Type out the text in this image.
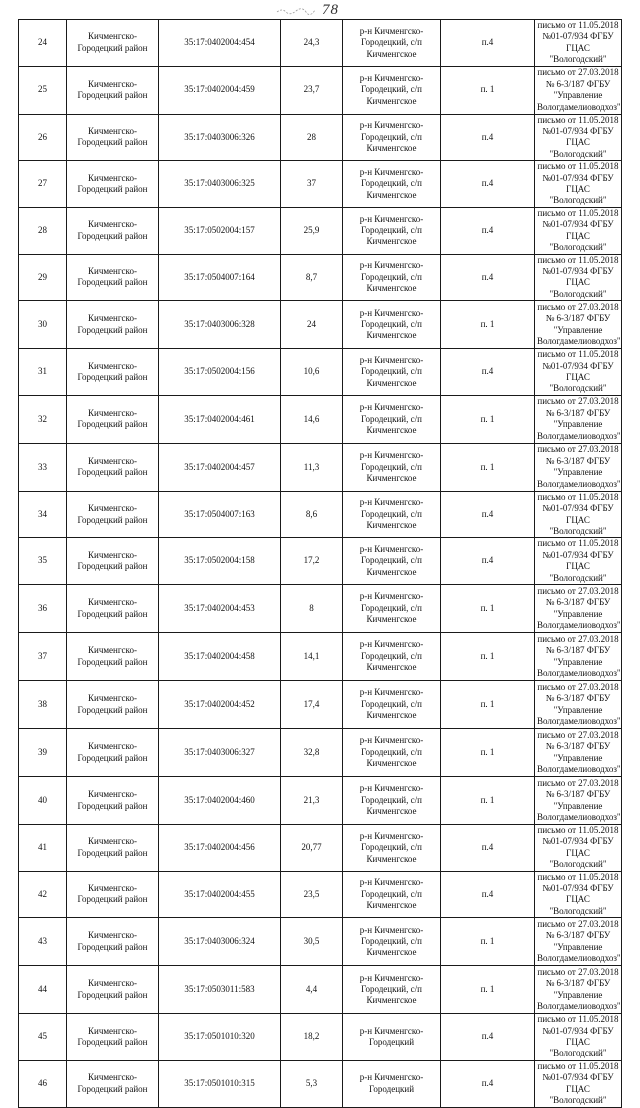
78
24	Кичменгско-Городецкий район	35:17:0402004:454	24,3	р-н Кичменгско-Городецкий, с/п Кичменгское	п.4	письмо от 11.05.2018 №01-07/934 ФГБУ ГЦАС "Вологодский"
25	Кичменгско-Городецкий район	35:17:0402004:459	23,7	р-н Кичменгско-Городецкий, с/п Кичменгское	п. 1	письмо от 27.03.2018 № 6-3/187 ФГБУ "Управление Вологдамелиоводхоз"
26	Кичменгско-Городецкий район	35:17:0403006:326	28	р-н Кичменгско-Городецкий, с/п Кичменгское	п.4	письмо от 11.05.2018 №01-07/934 ФГБУ ГЦАС "Вологодский"
27	Кичменгско-Городецкий район	35:17:0403006:325	37	р-н Кичменгско-Городецкий, с/п Кичменгское	п.4	письмо от 11.05.2018 №01-07/934 ФГБУ ГЦАС "Вологодский"
28	Кичменгско-Городецкий район	35:17:0502004:157	25,9	р-н Кичменгско-Городецкий, с/п Кичменгское	п.4	письмо от 11.05.2018 №01-07/934 ФГБУ ГЦАС "Вологодский"
29	Кичменгско-Городецкий район	35:17:0504007:164	8,7	р-н Кичменгско-Городецкий, с/п Кичменгское	п.4	письмо от 11.05.2018 №01-07/934 ФГБУ ГЦАС "Вологодский"
30	Кичменгско-Городецкий район	35:17:0403006:328	24	р-н Кичменгско-Городецкий, с/п Кичменгское	п. 1	письмо от 27.03.2018 № 6-3/187 ФГБУ "Управление Вологдамелиоводхоз"
31	Кичменгско-Городецкий район	35:17:0502004:156	10,6	р-н Кичменгско-Городецкий, с/п Кичменгское	п.4	письмо от 11.05.2018 №01-07/934 ФГБУ ГЦАС "Вологодский"
32	Кичменгско-Городецкий район	35:17:0402004:461	14,6	р-н Кичменгско-Городецкий, с/п Кичменгское	п. 1	письмо от 27.03.2018 № 6-3/187 ФГБУ "Управление Вологдамелиоводхоз"
33	Кичменгско-Городецкий район	35:17:0402004:457	11,3	р-н Кичменгско-Городецкий, с/п Кичменгское	п. 1	письмо от 27.03.2018 № 6-3/187 ФГБУ "Управление Вологдамелиоводхоз"
34	Кичменгско-Городецкий район	35:17:0504007:163	8,6	р-н Кичменгско-Городецкий, с/п Кичменгское	п.4	письмо от 11.05.2018 №01-07/934 ФГБУ ГЦАС "Вологодский"
35	Кичменгско-Городецкий район	35:17:0502004:158	17,2	р-н Кичменгско-Городецкий, с/п Кичменгское	п.4	письмо от 11.05.2018 №01-07/934 ФГБУ ГЦАС "Вологодский"
36	Кичменгско-Городецкий район	35:17:0402004:453	8	р-н Кичменгско-Городецкий, с/п Кичменгское	п. 1	письмо от 27.03.2018 № 6-3/187 ФГБУ "Управление Вологдамелиоводхоз"
37	Кичменгско-Городецкий район	35:17:0402004:458	14,1	р-н Кичменгско-Городецкий, с/п Кичменгское	п. 1	письмо от 27.03.2018 № 6-3/187 ФГБУ "Управление Вологдамелиоводхоз"
38	Кичменгско-Городецкий район	35:17:0402004:452	17,4	р-н Кичменгско-Городецкий, с/п Кичменгское	п. 1	письмо от 27.03.2018 № 6-3/187 ФГБУ "Управление Вологдамелиоводхоз"
39	Кичменгско-Городецкий район	35:17:0403006:327	32,8	р-н Кичменгско-Городецкий, с/п Кичменгское	п. 1	письмо от 27.03.2018 № 6-3/187 ФГБУ "Управление Вологдамелиоводхоз"
40	Кичменгско-Городецкий район	35:17:0402004:460	21,3	р-н Кичменгско-Городецкий, с/п Кичменгское	п. 1	письмо от 27.03.2018 № 6-3/187 ФГБУ "Управление Вологдамелиоводхоз"
41	Кичменгско-Городецкий район	35:17:0402004:456	20,77	р-н Кичменгско-Городецкий, с/п Кичменгское	п.4	письмо от 11.05.2018 №01-07/934 ФГБУ ГЦАС "Вологодский"
42	Кичменгско-Городецкий район	35:17:0402004:455	23,5	р-н Кичменгско-Городецкий, с/п Кичменгское	п.4	письмо от 11.05.2018 №01-07/934 ФГБУ ГЦАС "Вологодский"
43	Кичменгско-Городецкий район	35:17:0403006:324	30,5	р-н Кичменгско-Городецкий, с/п Кичменгское	п. 1	письмо от 27.03.2018 № 6-3/187 ФГБУ "Управление Вологдамелиоводхоз"
44	Кичменгско-Городецкий район	35:17:0503011:583	4,4	р-н Кичменгско-Городецкий, с/п Кичменгское	п. 1	письмо от 27.03.2018 № 6-3/187 ФГБУ "Управление Вологдамелиоводхоз"
45	Кичменгско-Городецкий район	35:17:0501010:320	18,2	р-н Кичменгско-Городецкий	п.4	письмо от 11.05.2018 №01-07/934 ФГБУ ГЦАС "Вологодский"
46	Кичменгско-Городецкий район	35:17:0501010:315	5,3	р-н Кичменгско-Городецкий	п.4	письмо от 11.05.2018 №01-07/934 ФГБУ ГЦАС "Вологодский"
